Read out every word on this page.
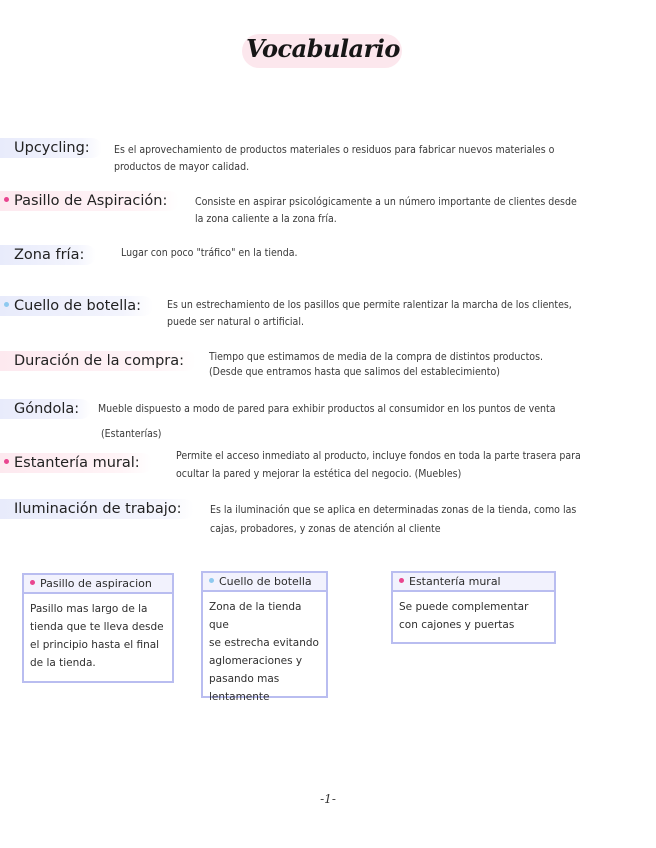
Vocabulario
Upcycling:	Es el aprovechamiento de productos materiales o residuos para fabricar nuevos materiales o
productos de mayor calidad.
Pasillo de Aspiración:	Consiste en aspirar psicológicamente a un número importante de clientes desde
la zona caliente a la zona fría.
Zona fría:	Lugar con poco "tráfico" en la tienda.
Cuello de botella:	Es un estrechamiento de los pasillos que permite ralentizar la marcha de los clientes,
puede ser natural o artificial.
Duración de la compra:	Tiempo que estimamos de media de la compra de distintos productos.
(Desde que entramos hasta que salimos del establecimiento)
Góndola:	Mueble dispuesto a modo de pared para exhibir productos al consumidor en los puntos de venta
(Estanterías)
Estantería mural:	Permite el acceso inmediato al producto, incluye fondos en toda la parte trasera para
ocultar la pared y mejorar la estética del negocio. (Muebles)
Iluminación de trabajo:	Es la iluminación que se aplica en determinadas zonas de la tienda, como las
cajas, probadores, y zonas de atención al cliente
Pasillo de aspiracion
Pasillo mas largo de la
tienda que te lleva desde
el principio hasta el final
de la tienda.
Cuello de botella
Zona de la tienda que
se estrecha evitando
aglomeraciones y
pasando mas
lentamente
Estantería mural
Se puede complementar
con cajones y puertas
-1-
